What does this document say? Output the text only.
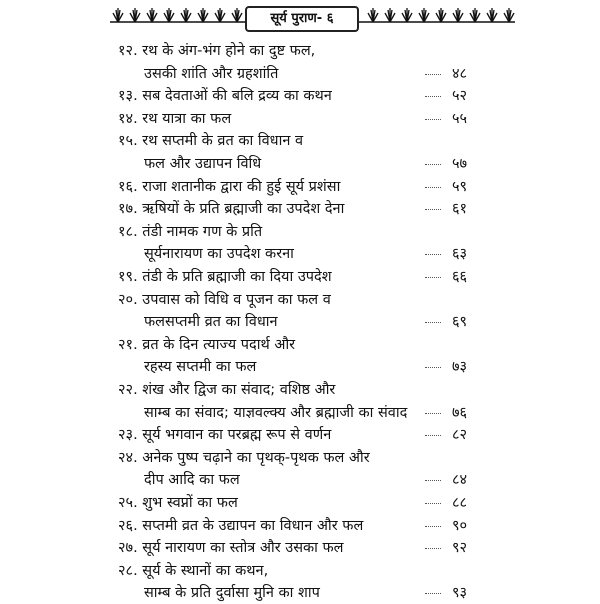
सूर्य पुराण- ६
१२. रथ के अंग-भंग होने का दुष्ट फल,
उसकी शांति और ग्रहशांति	४८
१३. सब देवताओं की बलि द्रव्य का कथन	५२
१४. रथ यात्रा का फल	५५
१५. रथ सप्तमी के व्रत का विधान व
फल और उद्यापन विधि	५७
१६. राजा शतानीक द्वारा की हुई सूर्य प्रशंसा	५९
१७. ऋषियों के प्रति ब्रह्माजी का उपदेश देना	६१
१८. तंडी नामक गण के प्रति
सूर्यनारायण का उपदेश करना	६३
१९. तंडी के प्रति ब्रह्माजी का दिया उपदेश	६६
२०. उपवास को विधि व पूजन का फल व
फलसप्तमी व्रत का विधान	६९
२१. व्रत के दिन त्याज्य पदार्थ और
रहस्य सप्तमी का फल	७३
२२. शंख और द्विज का संवाद; वशिष्ठ और
साम्ब का संवाद; याज्ञवल्क्य और ब्रह्माजी का संवाद	७६
२३. सूर्य भगवान का परब्रह्म रूप से वर्णन	८२
२४. अनेक पुष्प चढ़ाने का पृथक्-पृथक फल और
दीप आदि का फल	८४
२५. शुभ स्वप्नों का फल	८८
२६. सप्तमी व्रत के उद्यापन का विधान और फल	९०
२७. सूर्य नारायण का स्तोत्र और उसका फल	९२
२८. सूर्य के स्थानों का कथन,
साम्ब के प्रति दुर्वासा मुनि का शाप	९३
